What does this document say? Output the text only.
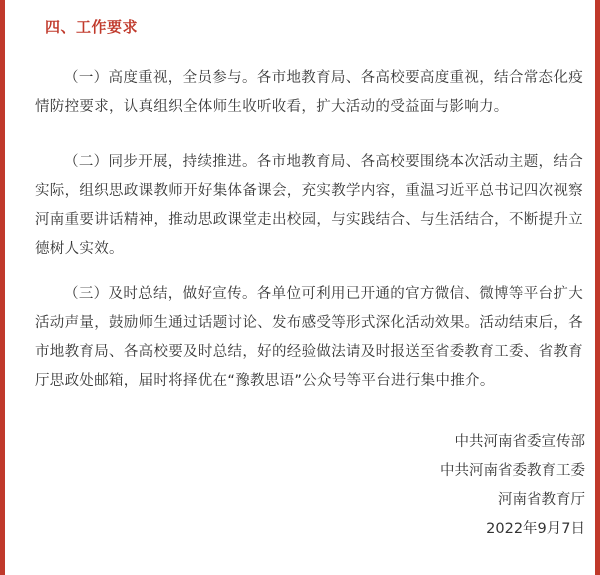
四、工作要求

（一）高度重视，全员参与。各市地教育局、各高校要高度重视，结合常态化疫情防控要求，认真组织全体师生收听收看，扩大活动的受益面与影响力。

（二）同步开展，持续推进。各市地教育局、各高校要围绕本次活动主题，结合实际，组织思政课教师开好集体备课会，充实教学内容，重温习近平总书记四次视察河南重要讲话精神，推动思政课堂走出校园，与实践结合、与生活结合，不断提升立德树人实效。

（三）及时总结，做好宣传。各单位可利用已开通的官方微信、微博等平台扩大活动声量，鼓励师生通过话题讨论、发布感受等形式深化活动效果。活动结束后，各市地教育局、各高校要及时总结，好的经验做法请及时报送至省委教育工委、省教育厅思政处邮箱，届时将择优在“豫教思语”公众号等平台进行集中推介。

中共河南省委宣传部
中共河南省委教育工委
河南省教育厅
2022年9月7日
